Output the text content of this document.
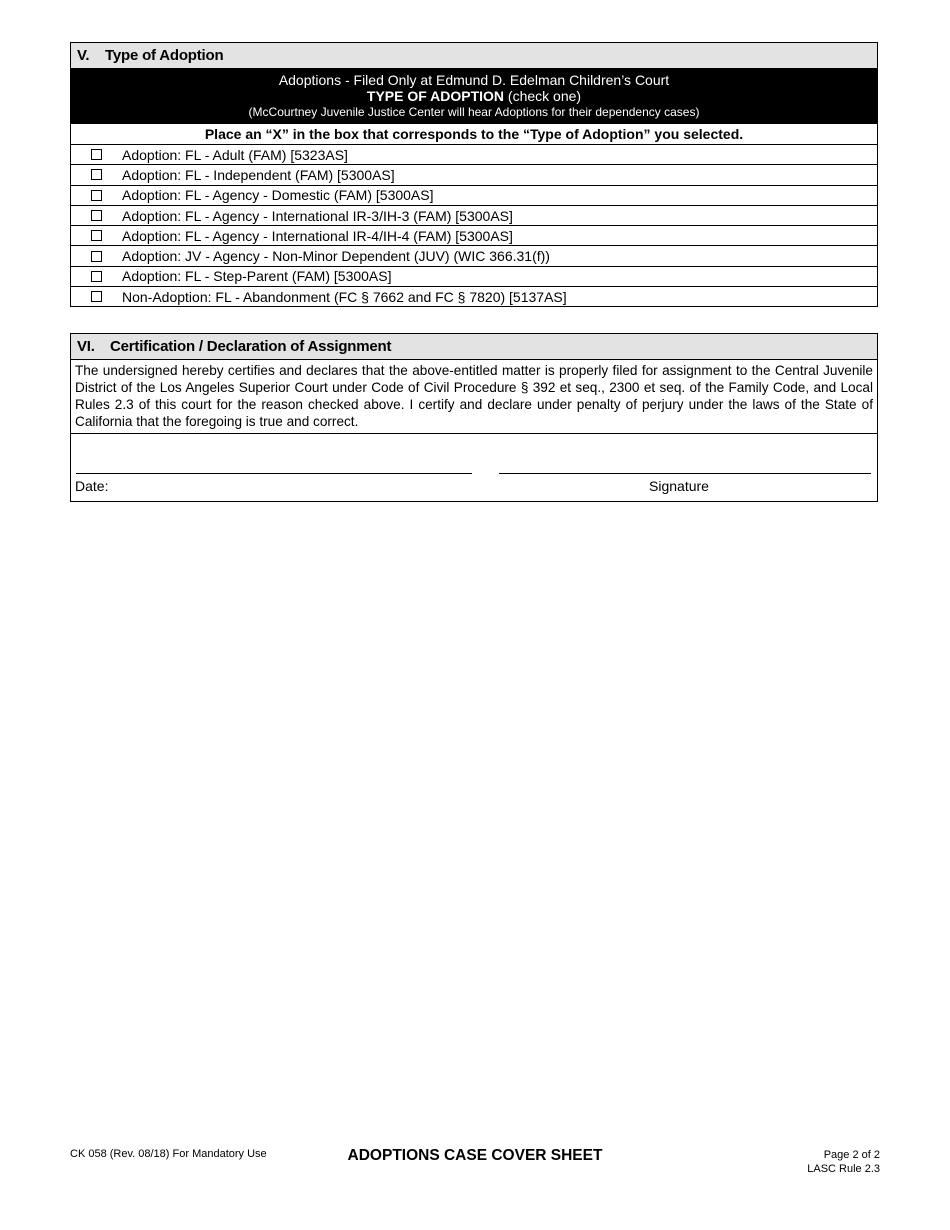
V. Type of Adoption
Adoptions - Filed Only at Edmund D. Edelman Children’s Court
TYPE OF ADOPTION (check one)
(McCourtney Juvenile Justice Center will hear Adoptions for their dependency cases)
Place an “X” in the box that corresponds to the “Type of Adoption” you selected.
Adoption: FL - Adult (FAM) [5323AS]
Adoption: FL - Independent (FAM) [5300AS]
Adoption: FL - Agency - Domestic (FAM) [5300AS]
Adoption: FL - Agency - International IR-3/IH-3 (FAM) [5300AS]
Adoption: FL - Agency - International IR-4/IH-4 (FAM) [5300AS]
Adoption: JV - Agency - Non-Minor Dependent (JUV) (WIC 366.31(f))
Adoption: FL - Step-Parent (FAM) [5300AS]
Non-Adoption: FL - Abandonment (FC § 7662 and FC § 7820) [5137AS]
VI. Certification / Declaration of Assignment
The undersigned hereby certifies and declares that the above-entitled matter is properly filed for assignment to the Central Juvenile District of the Los Angeles Superior Court under Code of Civil Procedure § 392 et seq., 2300 et seq. of the Family Code, and Local Rules 2.3 of this court for the reason checked above. I certify and declare under penalty of perjury under the laws of the State of California that the foregoing is true and correct.
Date:	Signature
CK 058 (Rev. 08/18) For Mandatory Use	ADOPTIONS CASE COVER SHEET	Page 2 of 2
LASC Rule 2.3
